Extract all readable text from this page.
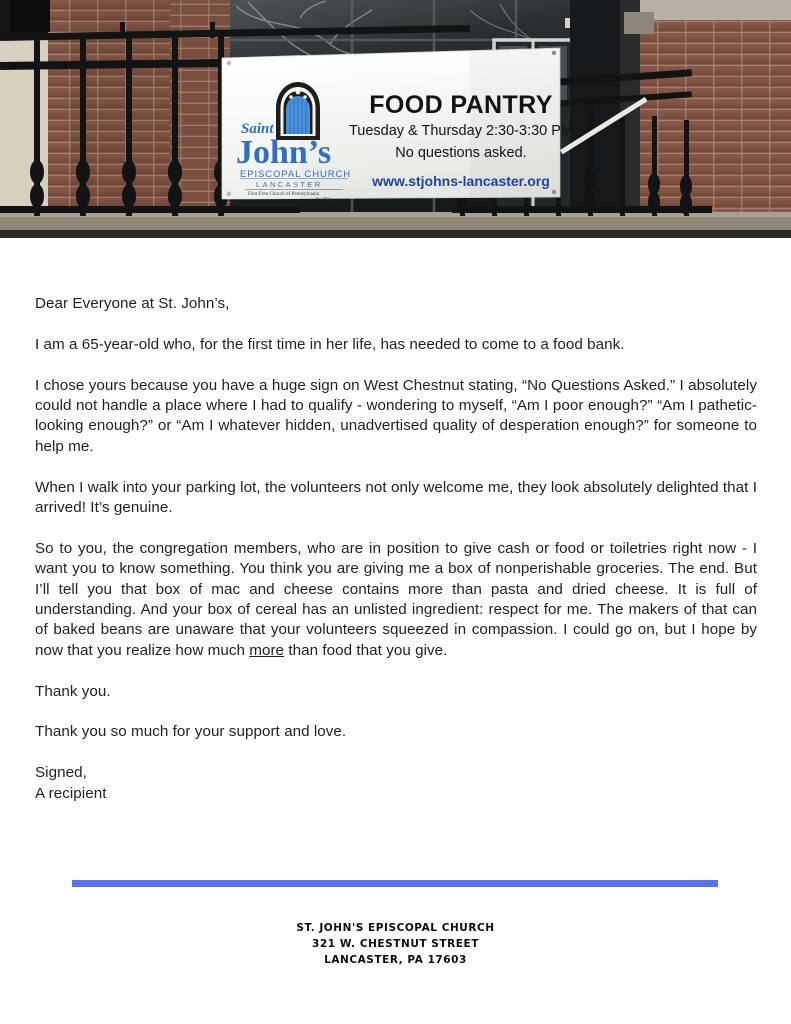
Saint
John’s
EPISCOPAL CHURCH
LANCASTER
First Free Church of Pennsylvania
Est. 1853
FOOD PANTRY
Tuesday & Thursday 2:30-3:30 PM
No questions asked.
www.stjohns-lancaster.org

Dear Everyone at St. John’s,

I am a 65-year-old who, for the first time in her life, has needed to come to a food bank.

I chose yours because you have a huge sign on West Chestnut stating, “No Questions Asked.” I absolutely could not handle a place where I had to qualify - wondering to myself, “Am I poor enough?” “Am I pathetic-looking enough?” or “Am I whatever hidden, unadvertised quality of desperation enough?” for someone to help me.

When I walk into your parking lot, the volunteers not only welcome me, they look absolutely delighted that I arrived! It’s genuine.

So to you, the congregation members, who are in position to give cash or food or toiletries right now - I want you to know something. You think you are giving me a box of nonperishable groceries. The end. But I’ll tell you that box of mac and cheese contains more than pasta and dried cheese. It is full of understanding. And your box of cereal has an unlisted ingredient: respect for me. The makers of that can of baked beans are unaware that your volunteers squeezed in compassion. I could go on, but I hope by now that you realize how much more than food that you give.

Thank you.

Thank you so much for your support and love.

Signed,
A recipient

ST. JOHN'S EPISCOPAL CHURCH
321 W. CHESTNUT STREET
LANCASTER, PA 17603
